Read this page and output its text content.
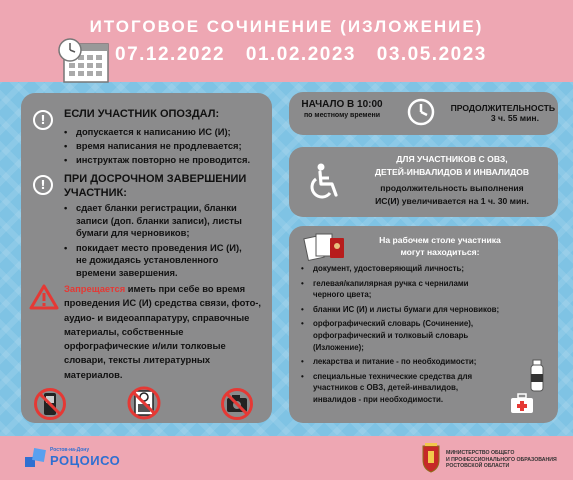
ИТОГОВОЕ СОЧИНЕНИЕ (ИЗЛОЖЕНИЕ)
07.12.2022 01.02.2023 03.05.2023
!	ЕСЛИ УЧАСТНИК ОПОЗДАЛ:
• допускается к написанию ИС (И);
• время написания не продлевается;
• инструктаж повторно не проводится.
!	ПРИ ДОСРОЧНОМ ЗАВЕРШЕНИИ
УЧАСТНИК:
• сдает бланки регистрации, бланки
записи (доп. бланки записи), листы
бумаги для черновиков;
• покидает место проведения ИС (И),
не дожидаясь установленного
времени завершения.
Запрещается иметь при себе во время
проведения ИС (И) средства связи, фото-,
аудио- и видеоаппаратуру, справочные
материалы, собственные
орфографические и/или толковые
словари, тексты литературных
материалов.
НАЧАЛО В 10:00
по местному времени
ПРОДОЛЖИТЕЛЬНОСТЬ
3 ч. 55 мин.
ДЛЯ УЧАСТНИКОВ С ОВЗ,
ДЕТЕЙ-ИНВАЛИДОВ И ИНВАЛИДОВ
продолжительность выполнения
ИС(И) увеличивается на 1 ч. 30 мин.
На рабочем столе участника
могут находиться:
• документ, удостоверяющий личность;
• гелевая/капилярная ручка с чернилами
черного цвета;
• бланки ИС (И) и листы бумаги для черновиков;
• орфографический словарь (Сочинение),
орфографический и толковый словарь
(Изложение);
• лекарства и питание - по необходимости;
• специальные технические средства для
участников с ОВЗ, детей-инвалидов,
инвалидов - при необходимости.
Ростов-на-Дону
РОЦОИСО	МИНИСТЕРСТВО ОБЩЕГО
И ПРОФЕССИОНАЛЬНОГО ОБРАЗОВАНИЯ
РОСТОВСКОЙ ОБЛАСТИ
